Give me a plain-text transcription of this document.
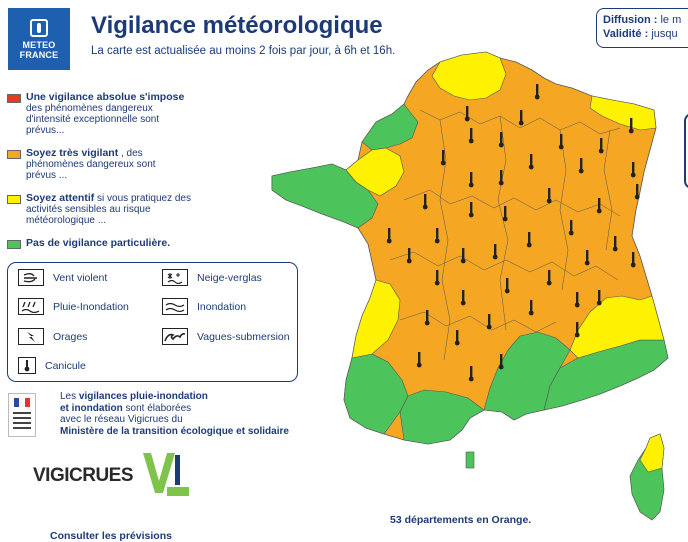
METEO
FRANCE
Vigilance météorologique
La carte est actualisée au moins 2 fois par jour, à 6h et 16h.
Diffusion : le m
Validité : jusqu
Une vigilance absolue s'impose des phénomènes dangereux d'intensité exceptionnelle sont prévus...
Soyez très vigilant , des phénomènes dangereux sont prévus ...
Soyez attentif si vous pratiquez des activités sensibles au risque météorologique ...
Pas de vigilance particulière.
Vent violent	Neige-verglas
Pluie-Inondation	Inondation
Orages	Vagues-submersion
Canicule
Les vigilances pluie-inondation
et inondation sont élaborées
avec le réseau Vigicrues du
Ministère de la transition écologique et solidaire
VIGICRUES
53 départements en Orange.
Consulter les prévisions
